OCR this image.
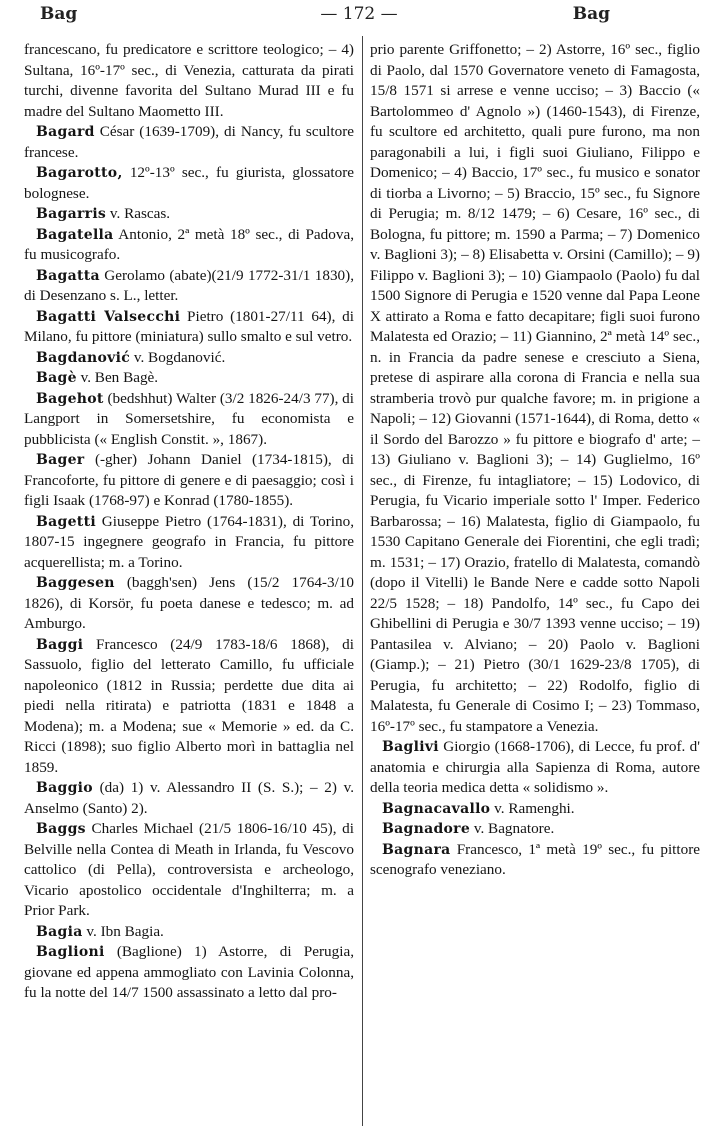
Bag	— 172 —	Bag

francescano, fu predicatore e scrittore teologico; – 4) Sultana, 16º-17º sec., di Venezia, catturata da pirati turchi, divenne favorita del Sultano Murad III e fu madre del Sultano Maometto III.

Bagard César (1639-1709), di Nancy, fu scultore francese.

Bagarotto, 12º-13º sec., fu giurista, glossatore bolognese.

Bagarris v. Rascas.

Bagatella Antonio, 2ª metà 18º sec., di Padova, fu musicografo.

Bagatta Gerolamo (abate)(21/9 1772-31/1 1830), di Desenzano s. L., letter.

Bagatti Valsecchi Pietro (1801-27/11 64), di Milano, fu pittore (miniatura) sullo smalto e sul vetro.

Bagdanović v. Bogdanović.

Bagè v. Ben Bagè.

Bagehot (bedshhut) Walter (3/2 1826-24/3 77), di Langport in Somersetshire, fu economista e pubblicista (« English Constit. », 1867).

Bager (-gher) Johann Daniel (1734-1815), di Francoforte, fu pittore di genere e di paesaggio; così i figli Isaak (1768-97) e Konrad (1780-1855).

Bagetti Giuseppe Pietro (1764-1831), di Torino, 1807-15 ingegnere geografo in Francia, fu pittore acquerellista; m. a Torino.

Baggesen (baggh'sen) Jens (15/2 1764-3/10 1826), di Korsör, fu poeta danese e tedesco; m. ad Amburgo.

Baggi Francesco (24/9 1783-18/6 1868), di Sassuolo, figlio del letterato Camillo, fu ufficiale napoleonico (1812 in Russia; perdette due dita ai piedi nella ritirata) e patriotta (1831 e 1848 a Modena); m. a Modena; sue « Memorie » ed. da C. Ricci (1898); suo figlio Alberto morì in battaglia nel 1859.

Baggio (da) 1) v. Alessandro II (S. S.); – 2) v. Anselmo (Santo) 2).

Baggs Charles Michael (21/5 1806-16/10 45), di Belville nella Contea di Meath in Irlanda, fu Vescovo cattolico (di Pella), controversista e archeologo, Vicario apostolico occidentale d'Inghilterra; m. a Prior Park.

Bagia v. Ibn Bagia.

Baglioni (Baglione) 1) Astorre, di Perugia, giovane ed appena ammogliato con Lavinia Colonna, fu la notte del 14/7 1500 assassinato a letto dal pro-

prio parente Griffonetto; – 2) Astorre, 16º sec., figlio di Paolo, dal 1570 Governatore veneto di Famagosta, 15/8 1571 si arrese e venne ucciso; – 3) Baccio (« Bartolommeo d' Agnolo ») (1460-1543), di Firenze, fu scultore ed architetto, quali pure furono, ma non paragonabili a lui, i figli suoi Giuliano, Filippo e Domenico; – 4) Baccio, 17º sec., fu musico e sonator di tiorba a Livorno; – 5) Braccio, 15º sec., fu Signore di Perugia; m. 8/12 1479; – 6) Cesare, 16º sec., di Bologna, fu pittore; m. 1590 a Parma; – 7) Domenico v. Baglioni 3); – 8) Elisabetta v. Orsini (Camillo); – 9) Filippo v. Baglioni 3); – 10) Giampaolo (Paolo) fu dal 1500 Signore di Perugia e 1520 venne dal Papa Leone X attirato a Roma e fatto decapitare; figli suoi furono Malatesta ed Orazio; – 11) Giannino, 2ª metà 14º sec., n. in Francia da padre senese e cresciuto a Siena, pretese di aspirare alla corona di Francia e nella sua stramberia trovò pur qualche favore; m. in prigione a Napoli; – 12) Giovanni (1571-1644), di Roma, detto « il Sordo del Barozzo » fu pittore e biografo d' arte; – 13) Giuliano v. Baglioni 3); – 14) Guglielmo, 16º sec., di Firenze, fu intagliatore; – 15) Lodovico, di Perugia, fu Vicario imperiale sotto l' Imper. Federico Barbarossa; – 16) Malatesta, figlio di Giampaolo, fu 1530 Capitano Generale dei Fiorentini, che egli tradì; m. 1531; – 17) Orazio, fratello di Malatesta, comandò (dopo il Vitelli) le Bande Nere e cadde sotto Napoli 22/5 1528; – 18) Pandolfo, 14º sec., fu Capo dei Ghibellini di Perugia e 30/7 1393 venne ucciso; – 19) Pantasilea v. Alviano; – 20) Paolo v. Baglioni (Giamp.); – 21) Pietro (30/1 1629-23/8 1705), di Perugia, fu architetto; – 22) Rodolfo, figlio di Malatesta, fu Generale di Cosimo I; – 23) Tommaso, 16º-17º sec., fu stampatore a Venezia.

Baglivi Giorgio (1668-1706), di Lecce, fu prof. d' anatomia e chirurgia alla Sapienza di Roma, autore della teoria medica detta « solidismo ».

Bagnacavallo v. Ramenghi.

Bagnadore v. Bagnatore.

Bagnara Francesco, 1ª metà 19º sec., fu pittore scenografo veneziano.
